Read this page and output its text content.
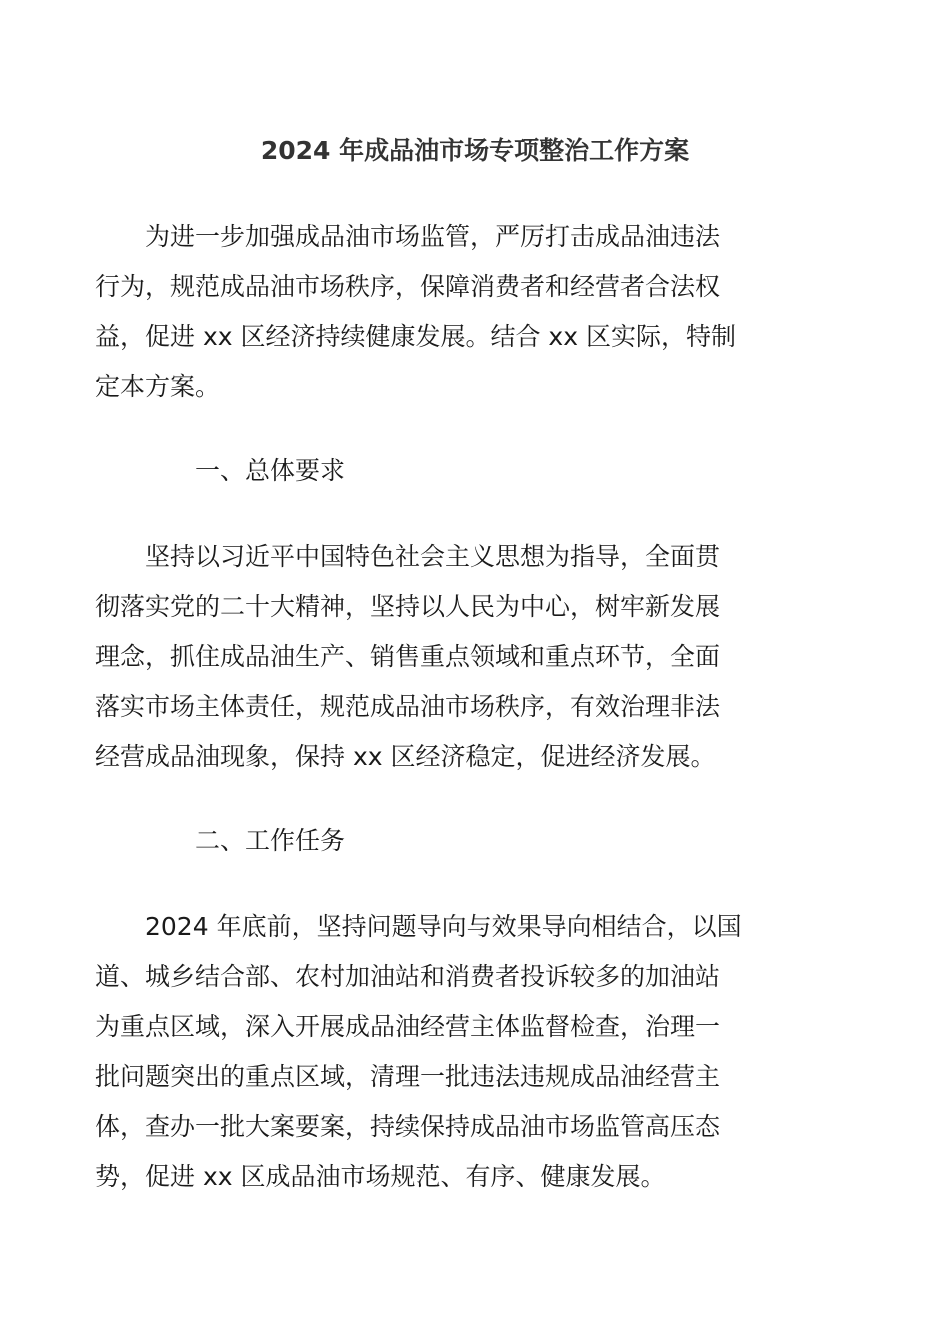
2024 年成品油市场专项整治工作方案

为进一步加强成品油市场监管，严厉打击成品油违法
行为，规范成品油市场秩序，保障消费者和经营者合法权
益，促进 xx 区经济持续健康发展。结合 xx 区实际，特制
定本方案。

一、总体要求

坚持以习近平中国特色社会主义思想为指导，全面贯
彻落实党的二十大精神，坚持以人民为中心，树牢新发展
理念，抓住成品油生产、销售重点领域和重点环节，全面
落实市场主体责任，规范成品油市场秩序，有效治理非法
经营成品油现象，保持 xx 区经济稳定，促进经济发展。

二、工作任务

2024 年底前，坚持问题导向与效果导向相结合，以国
道、城乡结合部、农村加油站和消费者投诉较多的加油站
为重点区域，深入开展成品油经营主体监督检查，治理一
批问题突出的重点区域，清理一批违法违规成品油经营主
体，查办一批大案要案，持续保持成品油市场监管高压态
势，促进 xx 区成品油市场规范、有序、健康发展。
